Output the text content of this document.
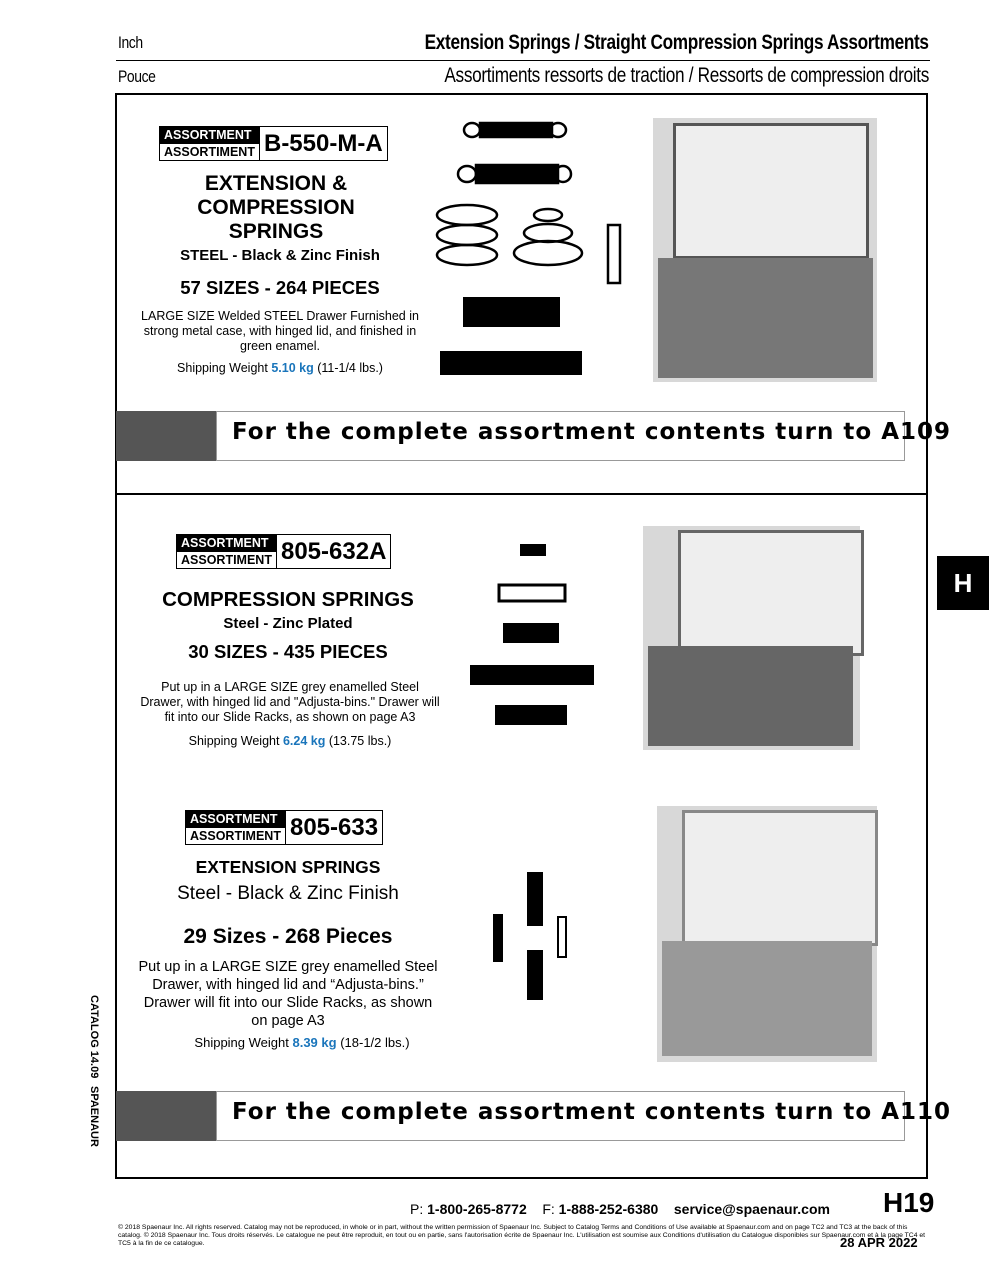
Inch	Extension Springs / Straight Compression Springs Assortments
Pouce	Assortiments ressorts de traction / Ressorts de compression droits
H
ASSORTMENT
ASSORTIMENT B-550-M-A
EXTENSION & COMPRESSION SPRINGS
STEEL - Black & Zinc Finish
57 SIZES - 264 PIECES
LARGE SIZE Welded STEEL Drawer Furnished in strong metal case, with hinged lid, and finished in green enamel.
Shipping Weight 5.10 kg (11-1/4 lbs.)
For the complete assortment contents turn to A109
ASSORTMENT
ASSORTIMENT 805-632A
COMPRESSION SPRINGS
Steel - Zinc Plated
30 SIZES - 435 PIECES
Put up in a LARGE SIZE grey enamelled Steel Drawer, with hinged lid and "Adjusta-bins." Drawer will fit into our Slide Racks, as shown on page A3
Shipping Weight 6.24 kg (13.75 lbs.)
ASSORTMENT
ASSORTIMENT 805-633
EXTENSION SPRINGS
Steel - Black & Zinc Finish
29 Sizes - 268 Pieces
Put up in a LARGE SIZE grey enamelled Steel Drawer, with hinged lid and “Adjusta-bins.” Drawer will fit into our Slide Racks, as shown on page A3
Shipping Weight 8.39 kg (18-1/2 lbs.)
For the complete assortment contents turn to A110
CATALOG 14.09
SPAENAUR
P: 1-800-265-8772 F: 1-888-252-6380 service@spaenaur.com H19
28 APR 2022
© 2018 Spaenaur Inc. All rights reserved. Catalog may not be reproduced, in whole or in part, without the written permission of Spaenaur Inc. Subject to Catalog Terms and Conditions of Use available at Spaenaur.com and on page TC2 and TC3 at the back of this catalog. © 2018 Spaenaur Inc. Tous droits réservés. Le catalogue ne peut être reproduit, en tout ou en partie, sans l'autorisation écrite de Spaenaur Inc. L'utilisation est soumise aux Conditions d'utilisation du Catalogue disponibles sur Spaenaur.com et à la page TC4 et TC5 à la fin de ce catalogue.
